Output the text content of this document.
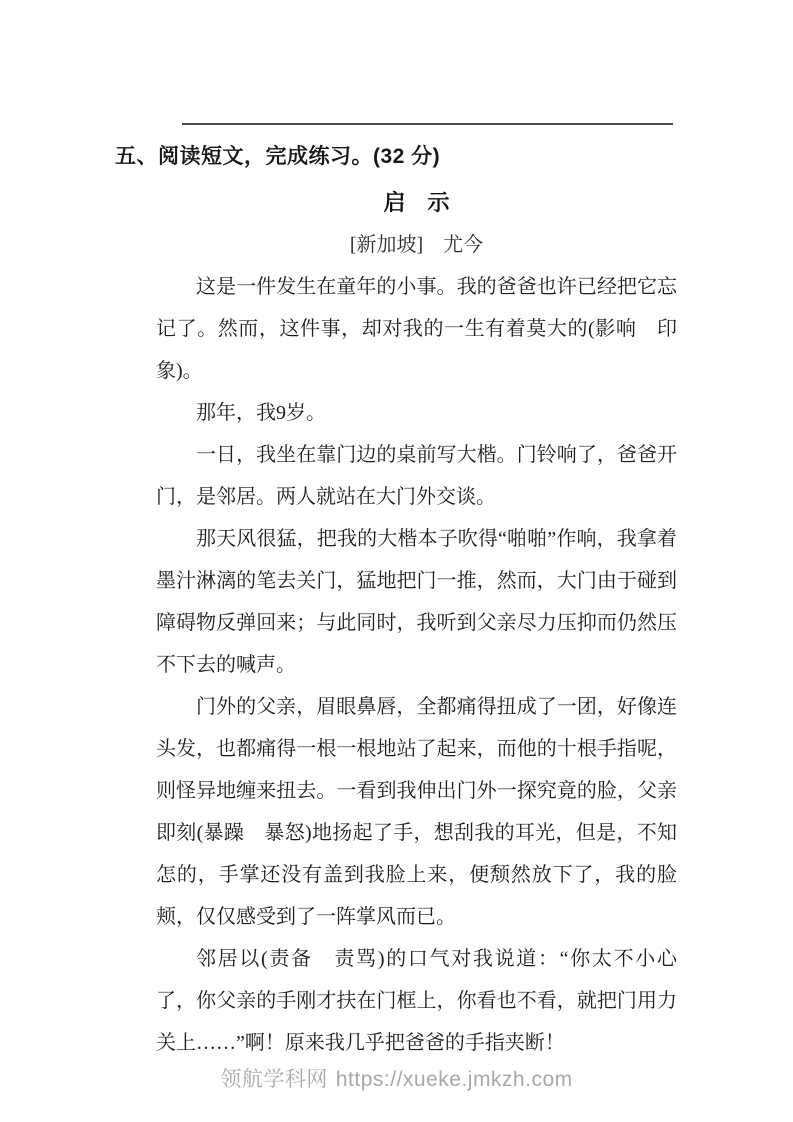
五、阅读短文，完成练习。(32 分)
启　示
[新加坡]　尤今

这是一件发生在童年的小事。我的爸爸也许已经把它忘记了。然而，这件事，却对我的一生有着莫大的(影响　印象)。

那年，我9岁。

一日，我坐在靠门边的桌前写大楷。门铃响了，爸爸开门，是邻居。两人就站在大门外交谈。

那天风很猛，把我的大楷本子吹得“啪啪”作响，我拿着墨汁淋漓的笔去关门，猛地把门一推，然而，大门由于碰到障碍物反弹回来；与此同时，我听到父亲尽力压抑而仍然压不下去的喊声。

门外的父亲，眉眼鼻唇，全都痛得扭成了一团，好像连头发，也都痛得一根一根地站了起来，而他的十根手指呢，则怪异地缠来扭去。一看到我伸出门外一探究竟的脸，父亲即刻(暴躁　暴怒)地扬起了手，想刮我的耳光，但是，不知怎的，手掌还没有盖到我脸上来，便颓然放下了，我的脸颊，仅仅感受到了一阵掌风而已。

邻居以(责备　责骂)的口气对我说道：“你太不小心了，你父亲的手刚才扶在门框上，你看也不看，就把门用力关上……”啊！原来我几乎把爸爸的手指夹断！

领航学科网 https://xueke.jmkzh.com
